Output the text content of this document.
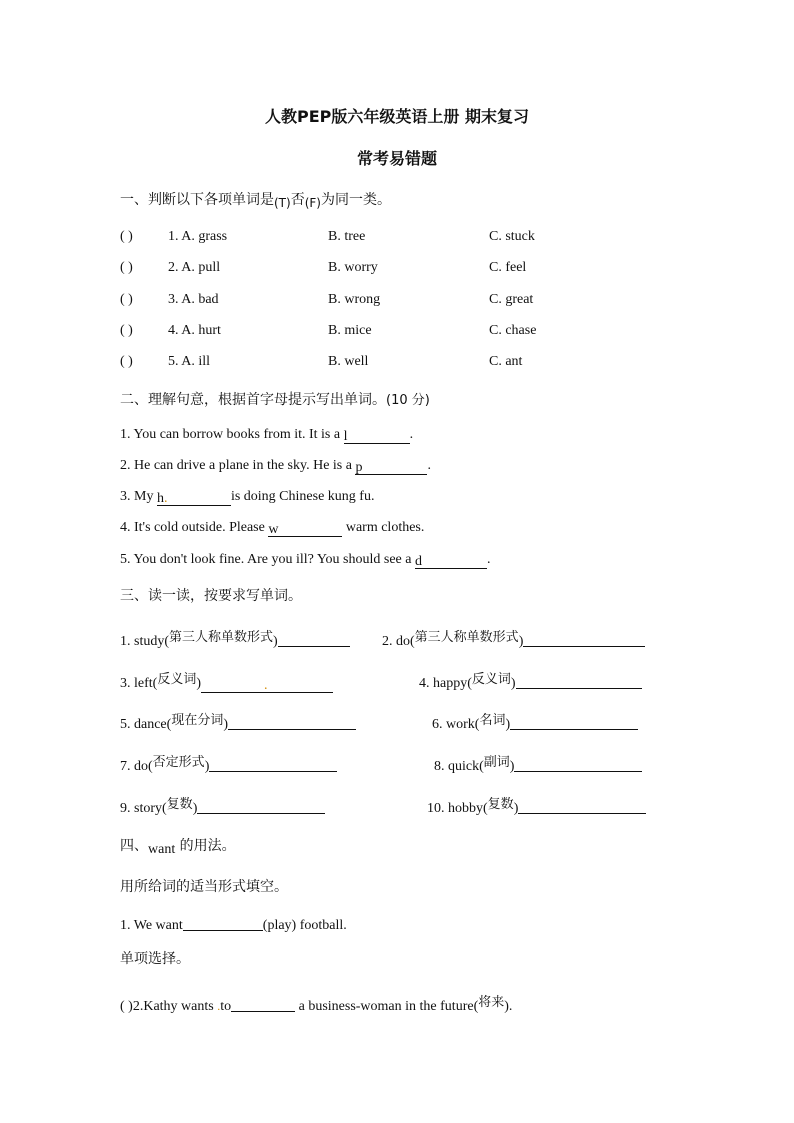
人教PEP版六年级英语上册 期末复习
常考易错题
一、判断以下各项单词是(T)否(F)为同一类。
( )	1. A. grass	B. tree	C. stuck
( )	2. A. pull	B. worry	C. feel
( )	3. A. bad	B. wrong	C. great
( )	4. A. hurt	B. mice	C. chase
( )	5. A. ill	B. well	C. ant
二、理解句意，根据首字母提示写出单词。(10 分)
1. You can borrow books from it. It is a l	.
2. He can drive a plane in the sky. He is a p	.
3. My h.	is doing Chinese kung fu.
4. It's cold outside. Please w	warm clothes.
5. You don't look fine. Are you ill? You should see a d	.
三、读一读，按要求写单词。
1. study(第三人称单数形式)	2. do(第三人称单数形式)
3. left(反义词)	.	4. happy(反义词)
5. dance(现在分词)	6. work(名词)
7. do(否定形式)	8. quick(副词)
9. story(复数)	10. hobby(复数)
四、want 的用法。
用所给词的适当形式填空。
1. We want	(play) football.
单项选择。
( )2.Kathy wants .to	a business-woman in the future(将来).
